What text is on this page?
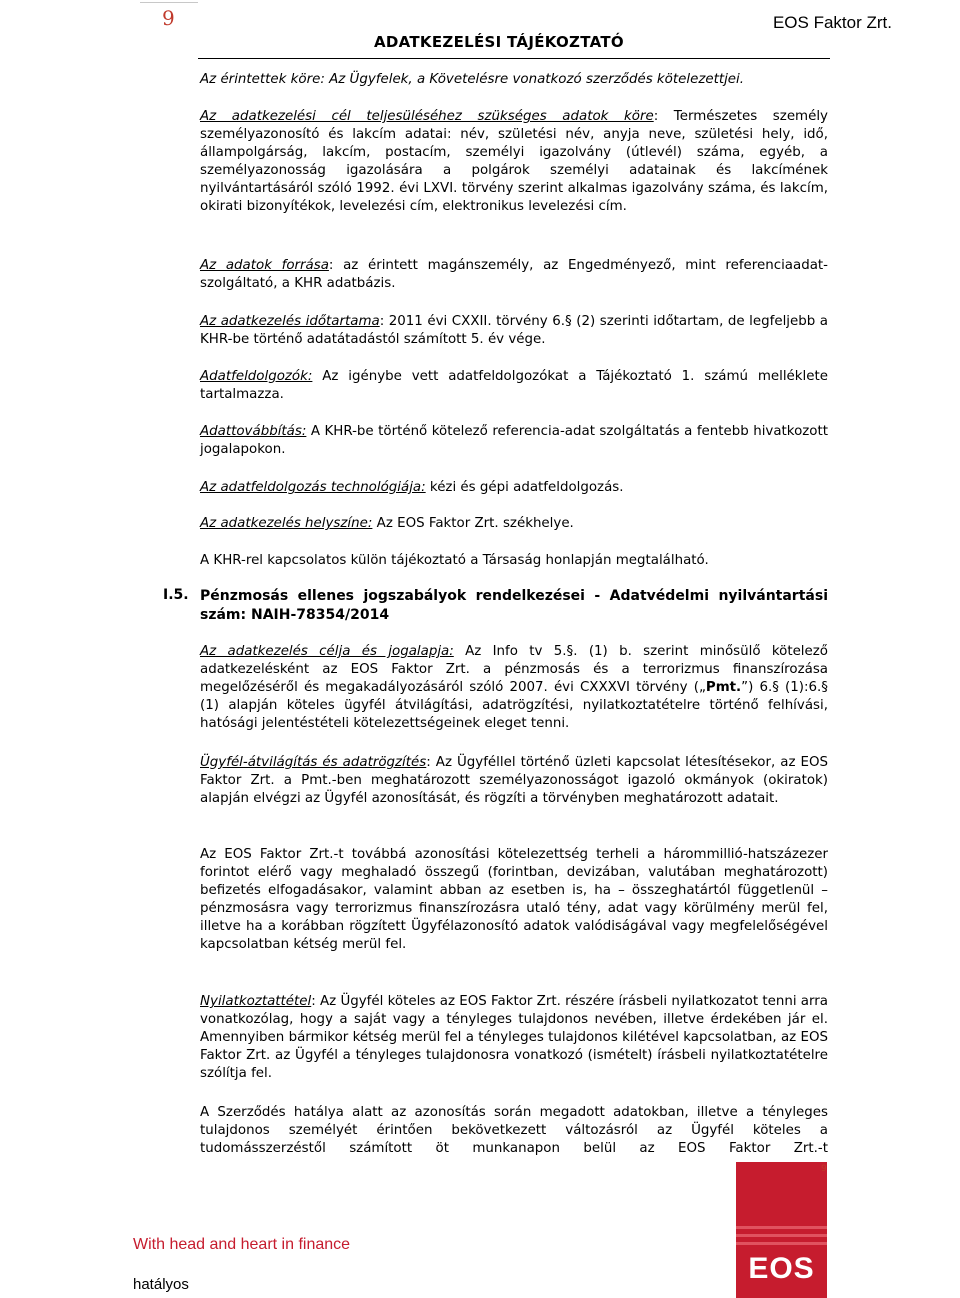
9
ADATKEZELÉSI TÁJÉKOZTATÓ
EOS Faktor Zrt.
Az érintettek köre: Az Ügyfelek, a Követelésre vonatkozó szerződés kötelezettjei.
Az adatkezelési cél teljesüléséhez szükséges adatok köre: Természetes személy személyazonosító és lakcím adatai: név, születési név, anyja neve, születési hely, idő, állampolgárság, lakcím, postacím, személyi igazolvány (útlevél) száma, egyéb, a személyazonosság igazolására a polgárok személyi adatainak és lakcímének nyilvántartásáról szóló 1992. évi LXVI. törvény szerint alkalmas igazolvány száma, és lakcím, okirati bizonyítékok, levelezési cím, elektronikus levelezési cím.
Az adatok forrása: az érintett magánszemély, az Engedményező, mint referenciaadat-szolgáltató, a KHR adatbázis.
Az adatkezelés időtartama: 2011 évi CXXII. törvény 6.§ (2) szerinti időtartam, de legfeljebb a KHR-be történő adatátadástól számított 5. év vége.
Adatfeldolgozók: Az igénybe vett adatfeldolgozókat a Tájékoztató 1. számú melléklete tartalmazza.
Adattovábbítás: A KHR-be történő kötelező referencia-adat szolgáltatás a fentebb hivatkozott jogalapokon.
Az adatfeldolgozás technológiája: kézi és gépi adatfeldolgozás.
Az adatkezelés helyszíne: Az EOS Faktor Zrt. székhelye.
A KHR-rel kapcsolatos külön tájékoztató a Társaság honlapján megtalálható.
I.5. Pénzmosás ellenes jogszabályok rendelkezései - Adatvédelmi nyilvántartási szám: NAIH-78354/2014
Az adatkezelés célja és jogalapja: Az Info tv 5.§. (1) b. szerint minősülő kötelező adatkezelésként az EOS Faktor Zrt. a pénzmosás és a terrorizmus finanszírozása megelőzéséről és megakadályozásáról szóló 2007. évi CXXXVI törvény („Pmt.”) 6.§ (1):6.§ (1) alapján köteles ügyfél átvilágítási, adatrögzítési, nyilatkoztatételre történő felhívási, hatósági jelentéstételi kötelezettségeinek eleget tenni.
Ügyfél-átvilágítás és adatrögzítés: Az Ügyféllel történő üzleti kapcsolat létesítésekor, az EOS Faktor Zrt. a Pmt.-ben meghatározott személyazonosságot igazoló okmányok (okiratok) alapján elvégzi az Ügyfél azonosítását, és rögzíti a törvényben meghatározott adatait.
Az EOS Faktor Zrt.-t továbbá azonosítási kötelezettség terheli a hárommillió-hatszázezer forintot elérő vagy meghaladó összegű (forintban, devizában, valutában meghatározott) befizetés elfogadásakor, valamint abban az esetben is, ha – összeghatártól függetlenül – pénzmosásra vagy terrorizmus finanszírozásra utaló tény, adat vagy körülmény merül fel, illetve ha a korábban rögzített Ügyfélazonosító adatok valódiságával vagy megfelelőségével kapcsolatban kétség merül fel.
Nyilatkoztattétel: Az Ügyfél köteles az EOS Faktor Zrt. részére írásbeli nyilatkozatot tenni arra vonatkozólag, hogy a saját vagy a tényleges tulajdonos nevében, illetve érdekében jár el. Amennyiben bármikor kétség merül fel a tényleges tulajdonos kilétével kapcsolatban, az EOS Faktor Zrt. az Ügyfél a tényleges tulajdonosra vonatkozó (ismételt) írásbeli nyilatkoztatételre szólítja fel.
A Szerződés hatálya alatt az azonosítás során megadott adatokban, illetve a tényleges tulajdonos személyét érintően bekövetkezett változásról az Ügyfél köteles a tudomásszerzéstől számított öt munkanapon belül az EOS Faktor Zrt.-t
EOS
9
With head and heart in finance
hatályos
